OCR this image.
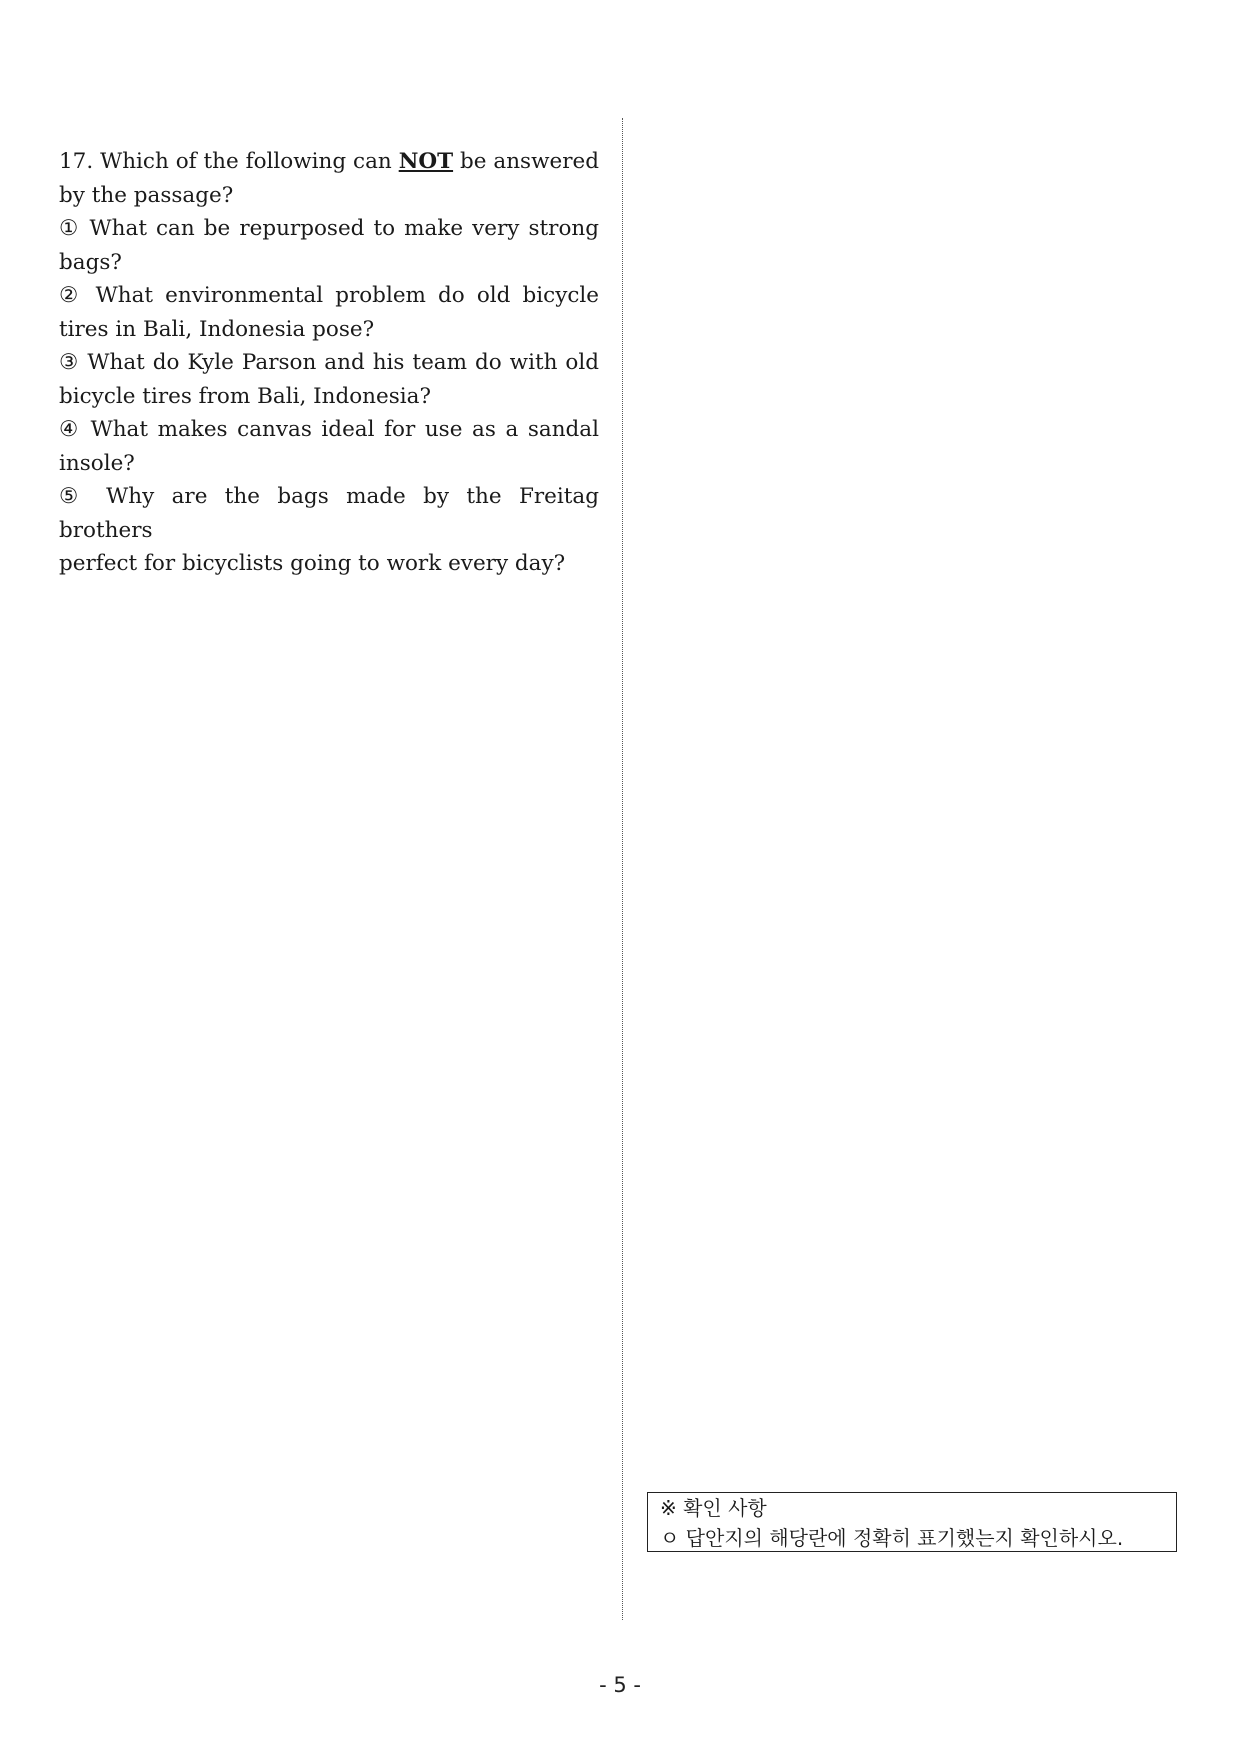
17. Which of the following can NOT be answered

by the passage?

① What can be repurposed to make very strong

bags?

② What environmental problem do old bicycle

tires in Bali, Indonesia pose?

③ What do Kyle Parson and his team do with old

bicycle tires from Bali, Indonesia?

④ What makes canvas ideal for use as a sandal

insole?

⑤ Why are the bags made by the Freitag brothers

perfect for bicyclists going to work every day?

※ 확인 사항
ㅇ 답안지의 해당란에 정확히 표기했는지 확인하시오.
- 5 -
